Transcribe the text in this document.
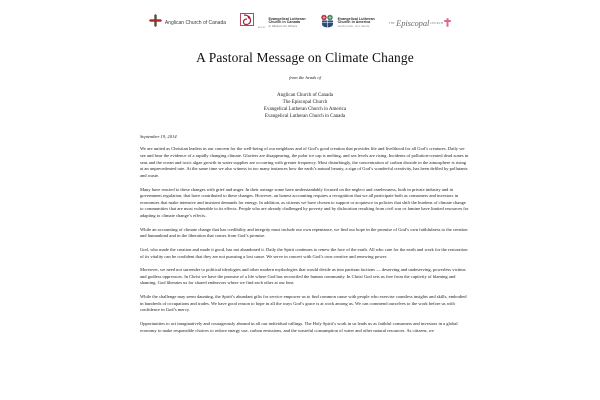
Anglican Church of Canada
ELCIC
Evangelical Lutheran
Church in Canada
In Mission for Others
Evangelical Lutheran
Church in America
God's work. Our hands.
THE Episcopal CHURCH
A Pastoral Message on Climate Change
from the heads of
Anglican Church of Canada
The Episcopal Church
Evangelical Lutheran Church in America
Evangelical Lutheran Church in Canada
September 19, 2014

We are united as Christian leaders in our concern for the well-being of our neighbors and of God’s good creation that provides life and livelihood for all God’s creatures. Daily we see and hear the evidence of a rapidly changing climate. Glaciers are disappearing, the polar ice cap is melting, and sea levels are rising. Incidents of pollution-created dead zones in seas and the ocean and toxic algae growth in water supplies are occurring with greater frequency. Most disturbingly, the concentration of carbon dioxide in the atmosphere is rising at an unprecedented rate. At the same time we also witness in too many instances how the earth’s natural beauty, a sign of God’s wonderful creativity, has been defiled by pollutants and waste.

Many have reacted to these changes with grief and anger. In their outrage some have understandably focused on the neglect and carelessness, both in private industry and in government regulation, that have contributed to these changes. However, an honest accounting requires a recognition that we all participate both as consumers and investors in economies that make intensive and insistent demands for energy. In addition, as citizens we have chosen to support or acquiesce in policies that shift the burdens of climate change to communities that are most vulnerable to its effects. People who are already challenged by poverty and by dislocation resulting from civil war or famine have limited resources for adapting to climate change’s effects.

While an accounting of climate change that has credibility and integrity must include our own repentance, we find our hope in the promise of God’s own faithfulness to the creation and humankind and in the liberation that comes from God’s promise.

God, who made the creation and made it good, has not abandoned it. Daily the Spirit continues to renew the face of the earth. All who care for the earth and work for the restoration of its vitality can be confident that they are not pursuing a lost cause. We serve in concert with God’s own creative and renewing power.

Moreover, we need not surrender to political ideologies and other modern mythologies that would divide us into partisan factions — deserving and undeserving, powerless victims and godless oppressors. In Christ we have the promise of a life where God has reconciled the human community. In Christ God sets us free from the captivity of blaming and shaming. God liberates us for shared endeavors where we find each other at our best.

While the challenge may seem daunting, the Spirit’s abundant gifts for service empower us to find common cause with people who exercise countless insights and skills, embodied in hundreds of occupations and trades. We have good reason to hope in all the ways God’s grace is at work among us. We can commend ourselves to the work before us with confidence in God’s mercy.

Opportunities to act imaginatively and courageously abound in all our individual callings. The Holy Spirit’s work in us leads us as faithful consumers and investors in a global economy to make responsible choices to reduce energy use, carbon emissions, and the wasteful consumption of water and other natural resources. As citizens, we
